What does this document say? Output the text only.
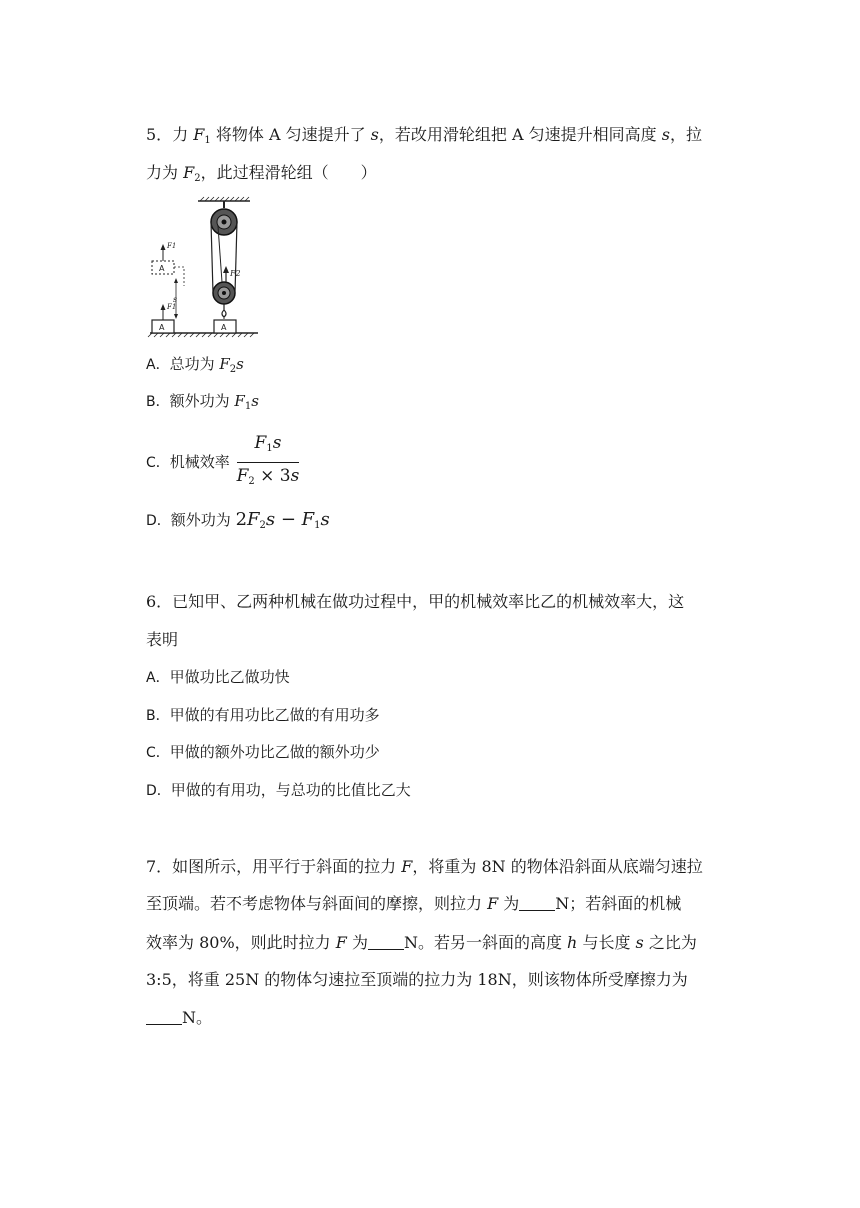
5．力 $F_1$ 将物体 A 匀速提升了 s，若改用滑轮组把 A 匀速提升相同高度 s，拉
力为 $F_2$，此过程滑轮组（　　）
F2
A
A
F1
A
F1
s
A．总功为 $F_2s$
B．额外功为 $F_1s$
C．机械效率 $\frac{F_1s}{F_2 \times 3s}$
D．额外功为 $2F_2s - F_1s$
6．已知甲、乙两种机械在做功过程中，甲的机械效率比乙的机械效率大，这
表明
A．甲做功比乙做功快
B．甲做的有用功比乙做的有用功多
C．甲做的额外功比乙做的额外功少
D．甲做的有用功，与总功的比值比乙大
7．如图所示，用平行于斜面的拉力 F，将重为 8N 的物体沿斜面从底端匀速拉
至顶端。若不考虑物体与斜面间的摩擦，则拉力 F 为 N；若斜面的机械
效率为 80%，则此时拉力 F 为 N。若另一斜面的高度 h 与长度 s 之比为
3:5，将重 25N 的物体匀速拉至顶端的拉力为 18N，则该物体所受摩擦力为
N。
